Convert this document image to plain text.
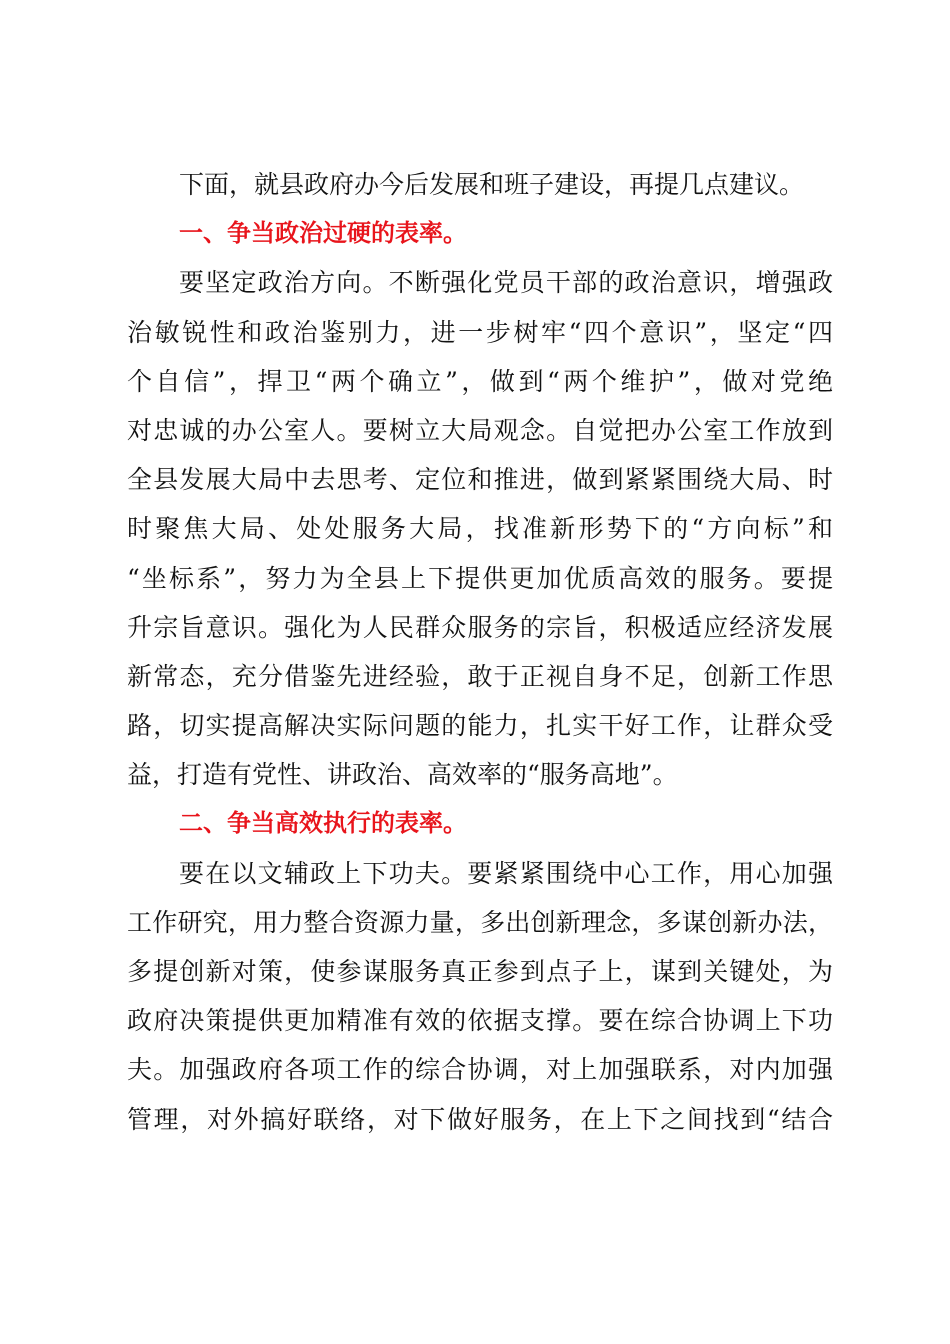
下面，就县政府办今后发展和班子建设，再提几点建议。
一、争当政治过硬的表率。
要坚定政治方向。不断强化党员干部的政治意识，增强政
治敏锐性和政治鉴别力，进一步树牢“四个意识”，坚定“四
个自信”，捍卫“两个确立”，做到“两个维护”，做对党绝
对忠诚的办公室人。要树立大局观念。自觉把办公室工作放到
全县发展大局中去思考、定位和推进，做到紧紧围绕大局、时
时聚焦大局、处处服务大局，找准新形势下的“方向标”和
“坐标系”，努力为全县上下提供更加优质高效的服务。要提
升宗旨意识。强化为人民群众服务的宗旨，积极适应经济发展
新常态，充分借鉴先进经验，敢于正视自身不足，创新工作思
路，切实提高解决实际问题的能力，扎实干好工作，让群众受
益，打造有党性、讲政治、高效率的“服务高地”。
二、争当高效执行的表率。
要在以文辅政上下功夫。要紧紧围绕中心工作，用心加强
工作研究，用力整合资源力量，多出创新理念，多谋创新办法，
多提创新对策，使参谋服务真正参到点子上，谋到关键处，为
政府决策提供更加精准有效的依据支撑。要在综合协调上下功
夫。加强政府各项工作的综合协调，对上加强联系，对内加强
管理，对外搞好联络，对下做好服务，在上下之间找到“结合
